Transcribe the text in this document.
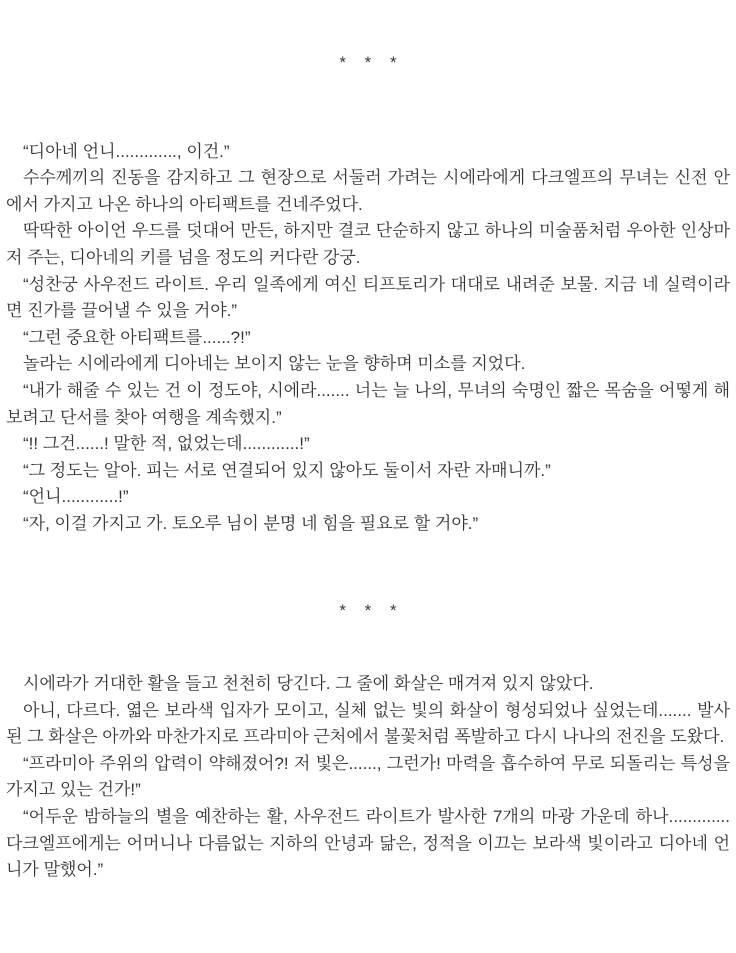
* * *

“디아네 언니............., 이건.”

수수께끼의 진동을 감지하고 그 현장으로 서둘러 가려는 시에라에게 다크엘프의 무녀는 신전 안에서 가지고 나온 하나의 아티팩트를 건네주었다.

딱딱한 아이언 우드를 덧대어 만든, 하지만 결코 단순하지 않고 하나의 미술품처럼 우아한 인상마저 주는, 디아네의 키를 넘을 정도의 커다란 강궁.

“성찬궁 사우전드 라이트. 우리 일족에게 여신 티프토리가 대대로 내려준 보물. 지금 네 실력이라면 진가를 끌어낼 수 있을 거야.”

“그런 중요한 아티팩트를......?!”

놀라는 시에라에게 디아네는 보이지 않는 눈을 향하며 미소를 지었다.

“내가 해줄 수 있는 건 이 정도야, 시에라....... 너는 늘 나의, 무녀의 숙명인 짧은 목숨을 어떻게 해보려고 단서를 찾아 여행을 계속했지.”

“!! 그건......! 말한 적, 없었는데............!”

“그 정도는 알아. 피는 서로 연결되어 있지 않아도 둘이서 자란 자매니까.”

“언니............!”

“자, 이걸 가지고 가. 토오루 님이 분명 네 힘을 필요로 할 거야.”

* * *

시에라가 거대한 활을 들고 천천히 당긴다. 그 줄에 화살은 매겨져 있지 않았다.

아니, 다르다. 엷은 보라색 입자가 모이고, 실체 없는 빛의 화살이 형성되었나 싶었는데....... 발사된 그 화살은 아까와 마찬가지로 프라미아 근처에서 불꽃처럼 폭발하고 다시 나나의 전진을 도왔다.

“프라미아 주위의 압력이 약해졌어?! 저 빛은......, 그런가! 마력을 흡수하여 무로 되돌리는 특성을 가지고 있는 건가!”

“어두운 밤하늘의 별을 예찬하는 활, 사우전드 라이트가 발사한 7개의 마광 가운데 하나............. 다크엘프에게는 어머니나 다름없는 지하의 안녕과 닮은, 정적을 이끄는 보라색 빛이라고 디아네 언니가 말했어.”
